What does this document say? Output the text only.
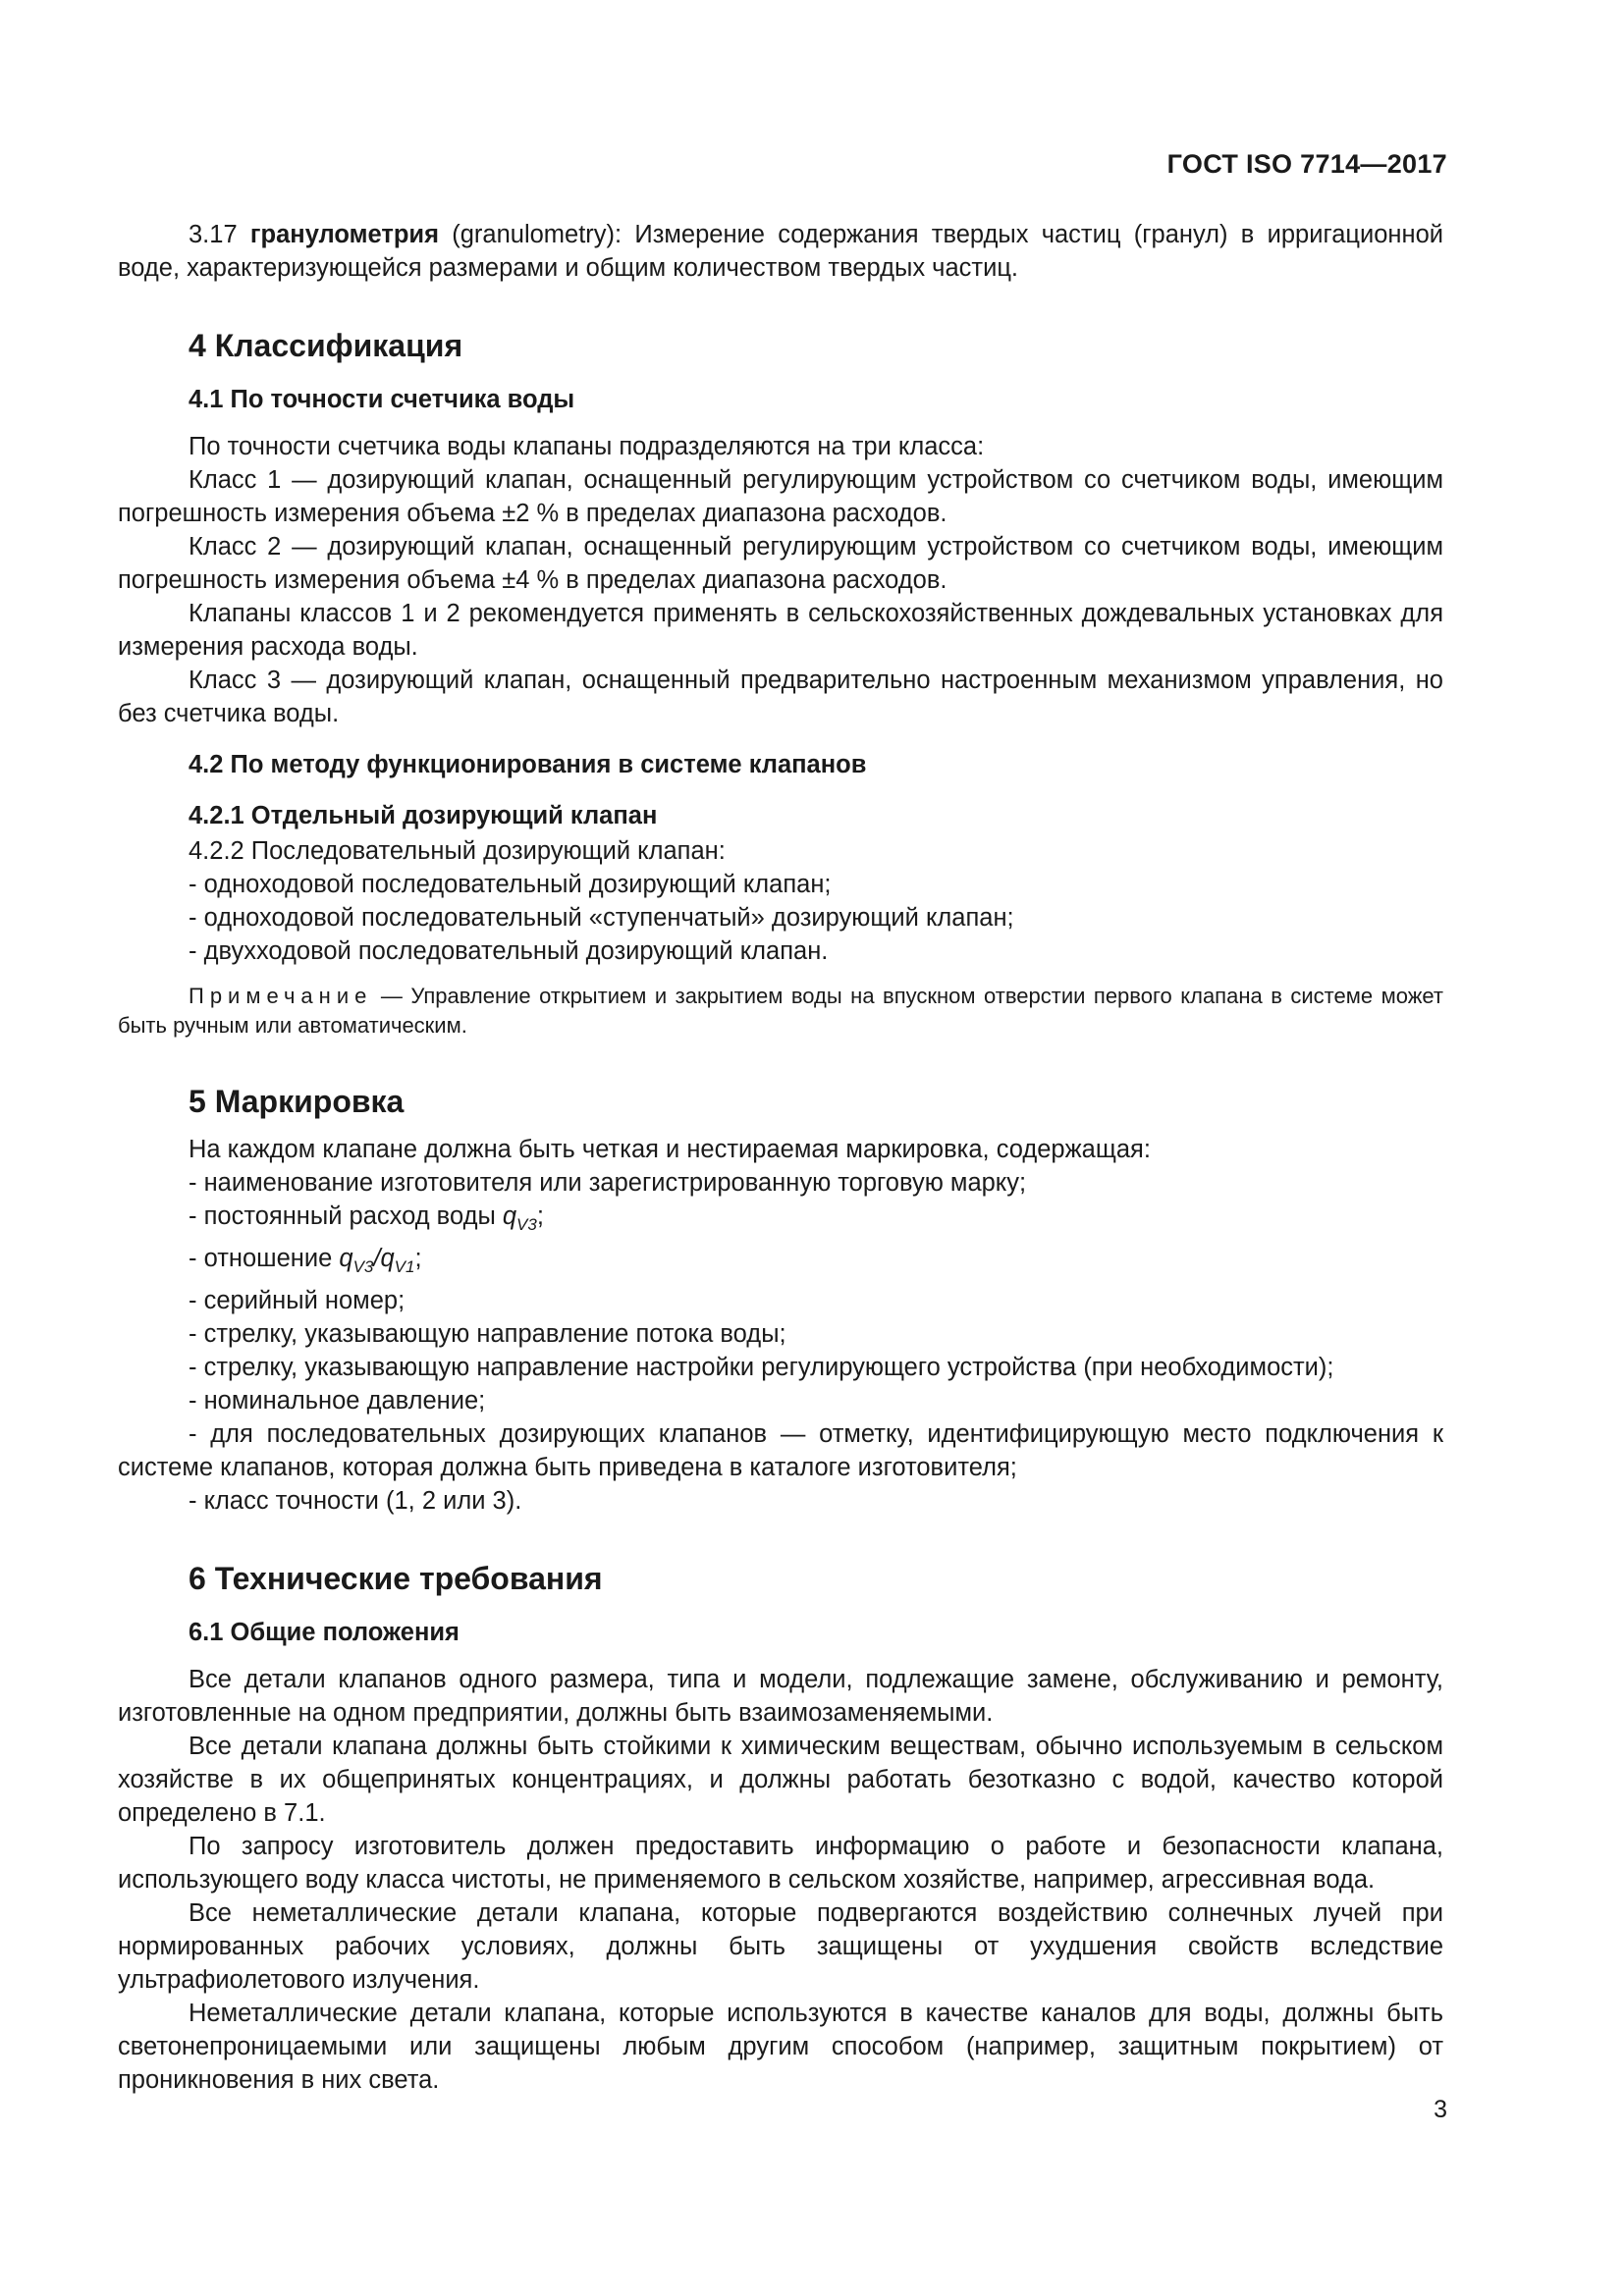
ГОСТ ISO 7714—2017

3.17 гранулометрия (granulometry): Измерение содержания твердых частиц (гранул) в ирригационной воде, характеризующейся размерами и общим количеством твердых частиц.

4 Классификация
4.1 По точности счетчика воды

По точности счетчика воды клапаны подразделяются на три класса:

Класс 1 — дозирующий клапан, оснащенный регулирующим устройством со счетчиком воды, имеющим погрешность измерения объема ±2 % в пределах диапазона расходов.

Класс 2 — дозирующий клапан, оснащенный регулирующим устройством со счетчиком воды, имеющим погрешность измерения объема ±4 % в пределах диапазона расходов.

Клапаны классов 1 и 2 рекомендуется применять в сельскохозяйственных дождевальных установках для измерения расхода воды.

Класс 3 — дозирующий клапан, оснащенный предварительно настроенным механизмом управления, но без счетчика воды.

4.2 По методу функционирования в системе клапанов
4.2.1 Отдельный дозирующий клапан

4.2.2 Последовательный дозирующий клапан:

- одноходовой последовательный дозирующий клапан;

- одноходовой последовательный «ступенчатый» дозирующий клапан;

- двухходовой последовательный дозирующий клапан.

Примечание — Управление открытием и закрытием воды на впускном отверстии первого клапана в системе может быть ручным или автоматическим.

5 Маркировка

На каждом клапане должна быть четкая и нестираемая маркировка, содержащая:

- наименование изготовителя или зарегистрированную торговую марку;

- постоянный расход воды $q_{V3}$;

- отношение $q_{V3}/q_{V1}$;

- серийный номер;

- стрелку, указывающую направление потока воды;

- стрелку, указывающую направление настройки регулирующего устройства (при необходимости);

- номинальное давление;

- для последовательных дозирующих клапанов — отметку, идентифицирующую место подключения к системе клапанов, которая должна быть приведена в каталоге изготовителя;

- класс точности (1, 2 или 3).

6 Технические требования
6.1 Общие положения

Все детали клапанов одного размера, типа и модели, подлежащие замене, обслуживанию и ремонту, изготовленные на одном предприятии, должны быть взаимозаменяемыми.

Все детали клапана должны быть стойкими к химическим веществам, обычно используемым в сельском хозяйстве в их общепринятых концентрациях, и должны работать безотказно с водой, качество которой определено в 7.1.

По запросу изготовитель должен предоставить информацию о работе и безопасности клапана, использующего воду класса чистоты, не применяемого в сельском хозяйстве, например, агрессивная вода.

Все неметаллические детали клапана, которые подвергаются воздействию солнечных лучей при нормированных рабочих условиях, должны быть защищены от ухудшения свойств вследствие ультрафиолетового излучения.

Неметаллические детали клапана, которые используются в качестве каналов для воды, должны быть светонепроницаемыми или защищены любым другим способом (например, защитным покрытием) от проникновения в них света.

3
